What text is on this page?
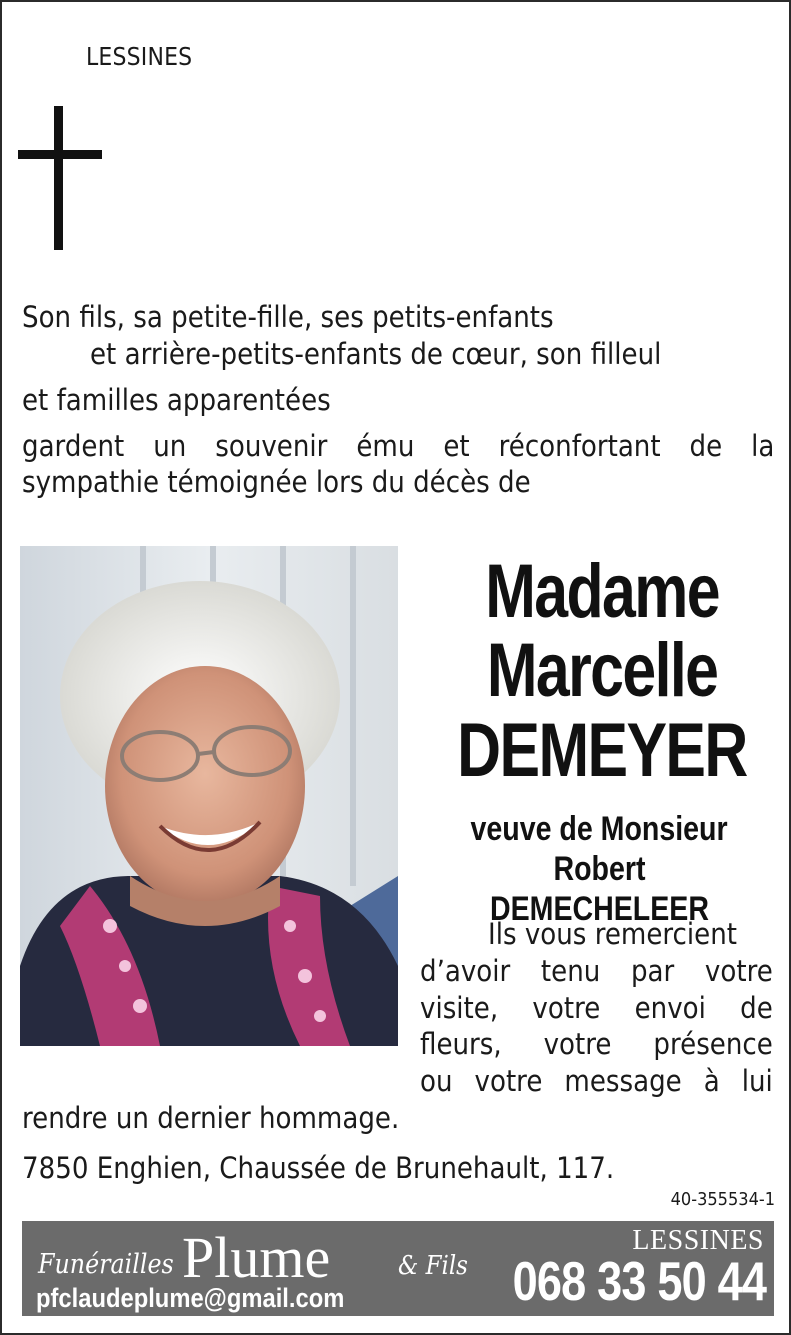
LESSINES
Son fils, sa petite-fille, ses petits-enfants
et arrière-petits-enfants de cœur, son filleul
et familles apparentées
gardent un souvenir ému et réconfortant de la sympathie témoignée lors du décès de
Madame
Marcelle
DEMEYER
veuve de Monsieur
Robert DEMECHELEER
Ils vous remercient
d’avoir tenu par votre
visite, votre envoi de
fleurs, votre présence
ou votre message à lui
rendre un dernier hommage.
7850 Enghien, Chaussée de Brunehault, 117.
40-355534-1
Funérailles Plume	& Fils
pfclaudeplume@gmail.com
LESSINES
068 33 50 44
